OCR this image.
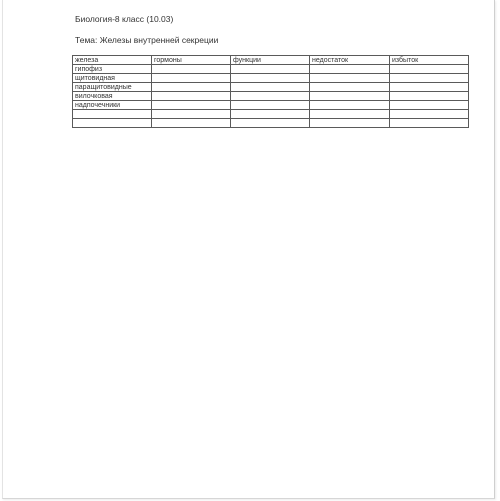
Биология-8 класс (10.03)
Тема: Железы внутренней секреции
железа	гормоны	функции	недостаток	избыток
гипофиз				
щитовидная				
паращитовидные				
вилочковая				
надпочечники				
